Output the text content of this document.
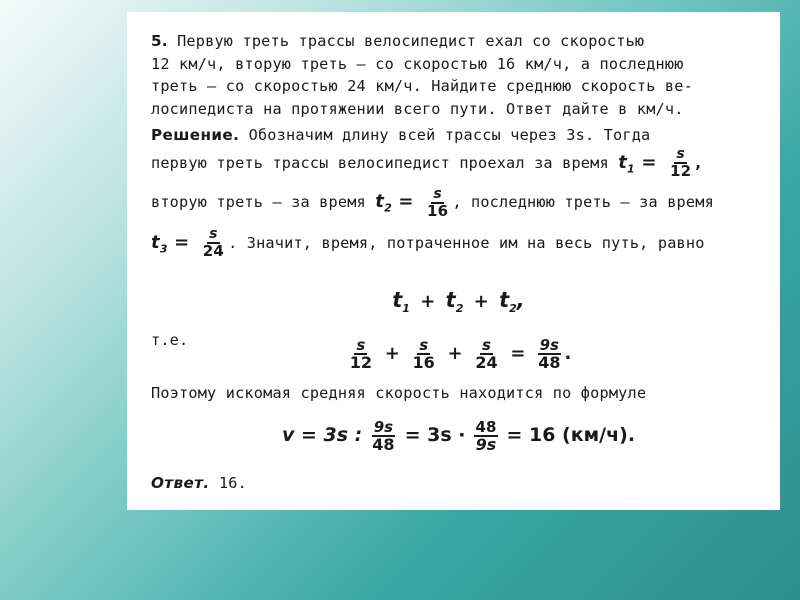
5. Первую треть трассы велосипедист ехал со скоростью
12 км/ч, вторую треть — со скоростью 16 км/ч, а последнюю
треть — со скоростью 24 км/ч. Найдите среднюю скорость ве-
лосипедиста на протяжении всего пути. Ответ дайте в км/ч.

Решение. Обозначим длину всей трассы через 3s. Тогда
первую треть трассы велосипедист проехал за время $t_1 = \frac{s}{12}$ ,
вторую треть — за время $t_2 = \frac{s}{16}$ , последнюю треть — за время
$t_3 = \frac{s}{24}$ . Значит, время, потраченное им на весь путь, равно

$t_1 + t_2 + t_2$,

т.е.	$\frac{s}{12} + \frac{s}{16} + \frac{s}{24} = \frac{9s}{48}$ .

Поэтому искомая средняя скорость находится по формуле

v = 3s : $\frac{9s}{48} = 3s \cdot \frac{48}{9s} = 16$ (км/ч).

Ответ. 16.
